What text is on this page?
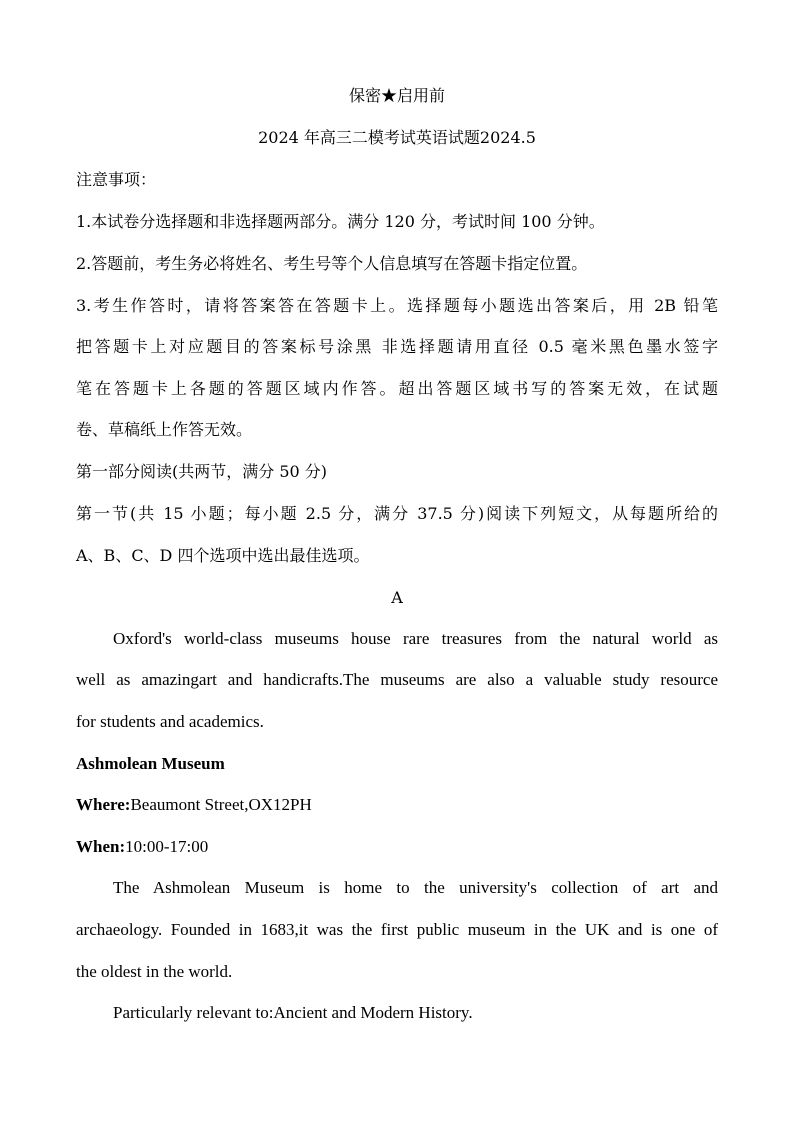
保密★启用前
2024 年高三二模考试英语试题2024.5
注意事项：
1.本试卷分选择题和非选择题两部分。满分 120 分，考试时间 100 分钟。
2.答题前，考生务必将姓名、考生号等个人信息填写在答题卡指定位置。
3.考生作答时，请将答案答在答题卡上。选择题每小题选出答案后，用 2B 铅笔
把答题卡上对应题目的答案标号涂黑 非选择题请用直径 0.5 毫米黑色墨水签字
笔在答题卡上各题的答题区域内作答。超出答题区域书写的答案无效，在试题
卷、草稿纸上作答无效。
第一部分阅读(共两节，满分 50 分)
第一节(共 15 小题；每小题 2.5 分，满分 37.5 分)阅读下列短文，从每题所给的
A、B、C、D 四个选项中选出最佳选项。
A
Oxford's world-class museums house rare treasures from the natural world as
well as amazingart and handicrafts.The museums are also a valuable study resource
for students and academics.
Ashmolean Museum
Where:Beaumont Street,OX12PH
When:10:00-17:00
The Ashmolean Museum is home to the university's collection of art and
archaeology. Founded in 1683,it was the first public museum in the UK and is one of
the oldest in the world.
Particularly relevant to:Ancient and Modern History.
